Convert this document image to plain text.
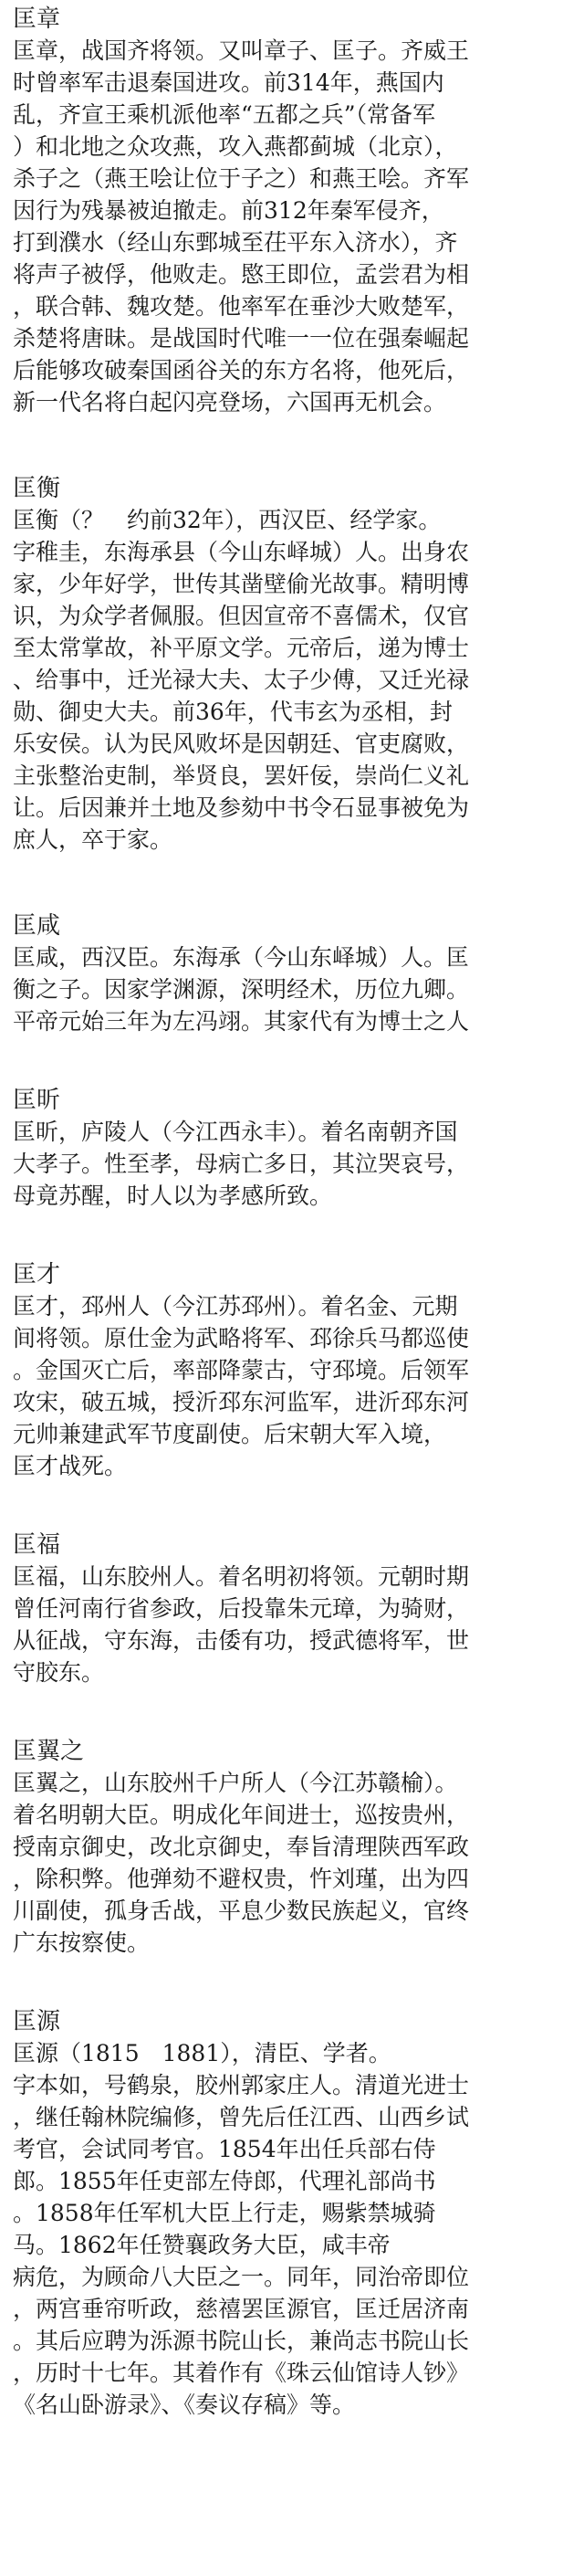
匡章

匡章，战国齐将领。又叫章子、匡子。齐威王

时曾率军击退秦国进攻。前314年，燕国内

乱，齐宣王乘机派他率“五都之兵”（常备军

）和北地之众攻燕，攻入燕都蓟城（北京），

杀子之（燕王哙让位于子之）和燕王哙。齐军

因行为残暴被迫撤走。前312年秦军侵齐，

打到濮水（经山东鄄城至茌平东入济水），齐

将声子被俘，他败走。愍王即位，孟尝君为相

，联合韩、魏攻楚。他率军在垂沙大败楚军，

杀楚将唐昧。是战国时代唯一一位在强秦崛起

后能够攻破秦国函谷关的东方名将，他死后，

新一代名将白起闪亮登场，六国再无机会。

匡衡

匡衡（？　约前32年），西汉臣、经学家。

字稚圭，东海承县（今山东峄城）人。出身农

家，少年好学，世传其凿壁偷光故事。精明博

识，为众学者佩服。但因宣帝不喜儒术，仅官

至太常掌故，补平原文学。元帝后，递为博士

、给事中，迁光禄大夫、太子少傅，又迁光禄

勋、御史大夫。前36年，代韦玄为丞相，封

乐安侯。认为民风败坏是因朝廷、官吏腐败，

主张整治吏制，举贤良，罢奸佞，崇尚仁义礼

让。后因兼并土地及参劾中书令石显事被免为

庶人，卒于家。

匡咸

匡咸，西汉臣。东海承（今山东峄城）人。匡

衡之子。因家学渊源，深明经术，历位九卿。

平帝元始三年为左冯翊。其家代有为博士之人

匡昕

匡昕，庐陵人（今江西永丰）。着名南朝齐国

大孝子。性至孝，母病亡多日，其泣哭哀号，

母竟苏醒，时人以为孝感所致。

匡才

匡才，邳州人（今江苏邳州）。着名金、元期

间将领。原仕金为武略将军、邳徐兵马都巡使

。金国灭亡后，率部降蒙古，守邳境。后领军

攻宋，破五城，授沂邳东河监军，进沂邳东河

元帅兼建武军节度副使。后宋朝大军入境，

匡才战死。

匡福

匡福，山东胶州人。着名明初将领。元朝时期

曾任河南行省参政，后投靠朱元璋，为骑财，

从征战，守东海，击倭有功，授武德将军，世

守胶东。

匡翼之

匡翼之，山东胶州千户所人（今江苏赣榆）。

着名明朝大臣。明成化年间进士，巡按贵州，

授南京御史，改北京御史，奉旨清理陕西军政

，除积弊。他弹劾不避权贵，忤刘瑾，出为四

川副使，孤身舌战，平息少数民族起义，官终

广东按察使。

匡源

匡源（1815　1881），清臣、学者。

字本如，号鹤泉，胶州郭家庄人。清道光进士

，继任翰林院编修，曾先后任江西、山西乡试

考官，会试同考官。1854年出任兵部右侍

郎。1855年任吏部左侍郎，代理礼部尚书

。1858年任军机大臣上行走，赐紫禁城骑

马。1862年任赞襄政务大臣，咸丰帝

病危，为顾命八大臣之一。同年，同治帝即位

，两宫垂帘听政，慈禧罢匡源官，匡迁居济南

。其后应聘为泺源书院山长，兼尚志书院山长

，历时十七年。其着作有《珠云仙馆诗人钞》

《名山卧游录》、《奏议存稿》等。
